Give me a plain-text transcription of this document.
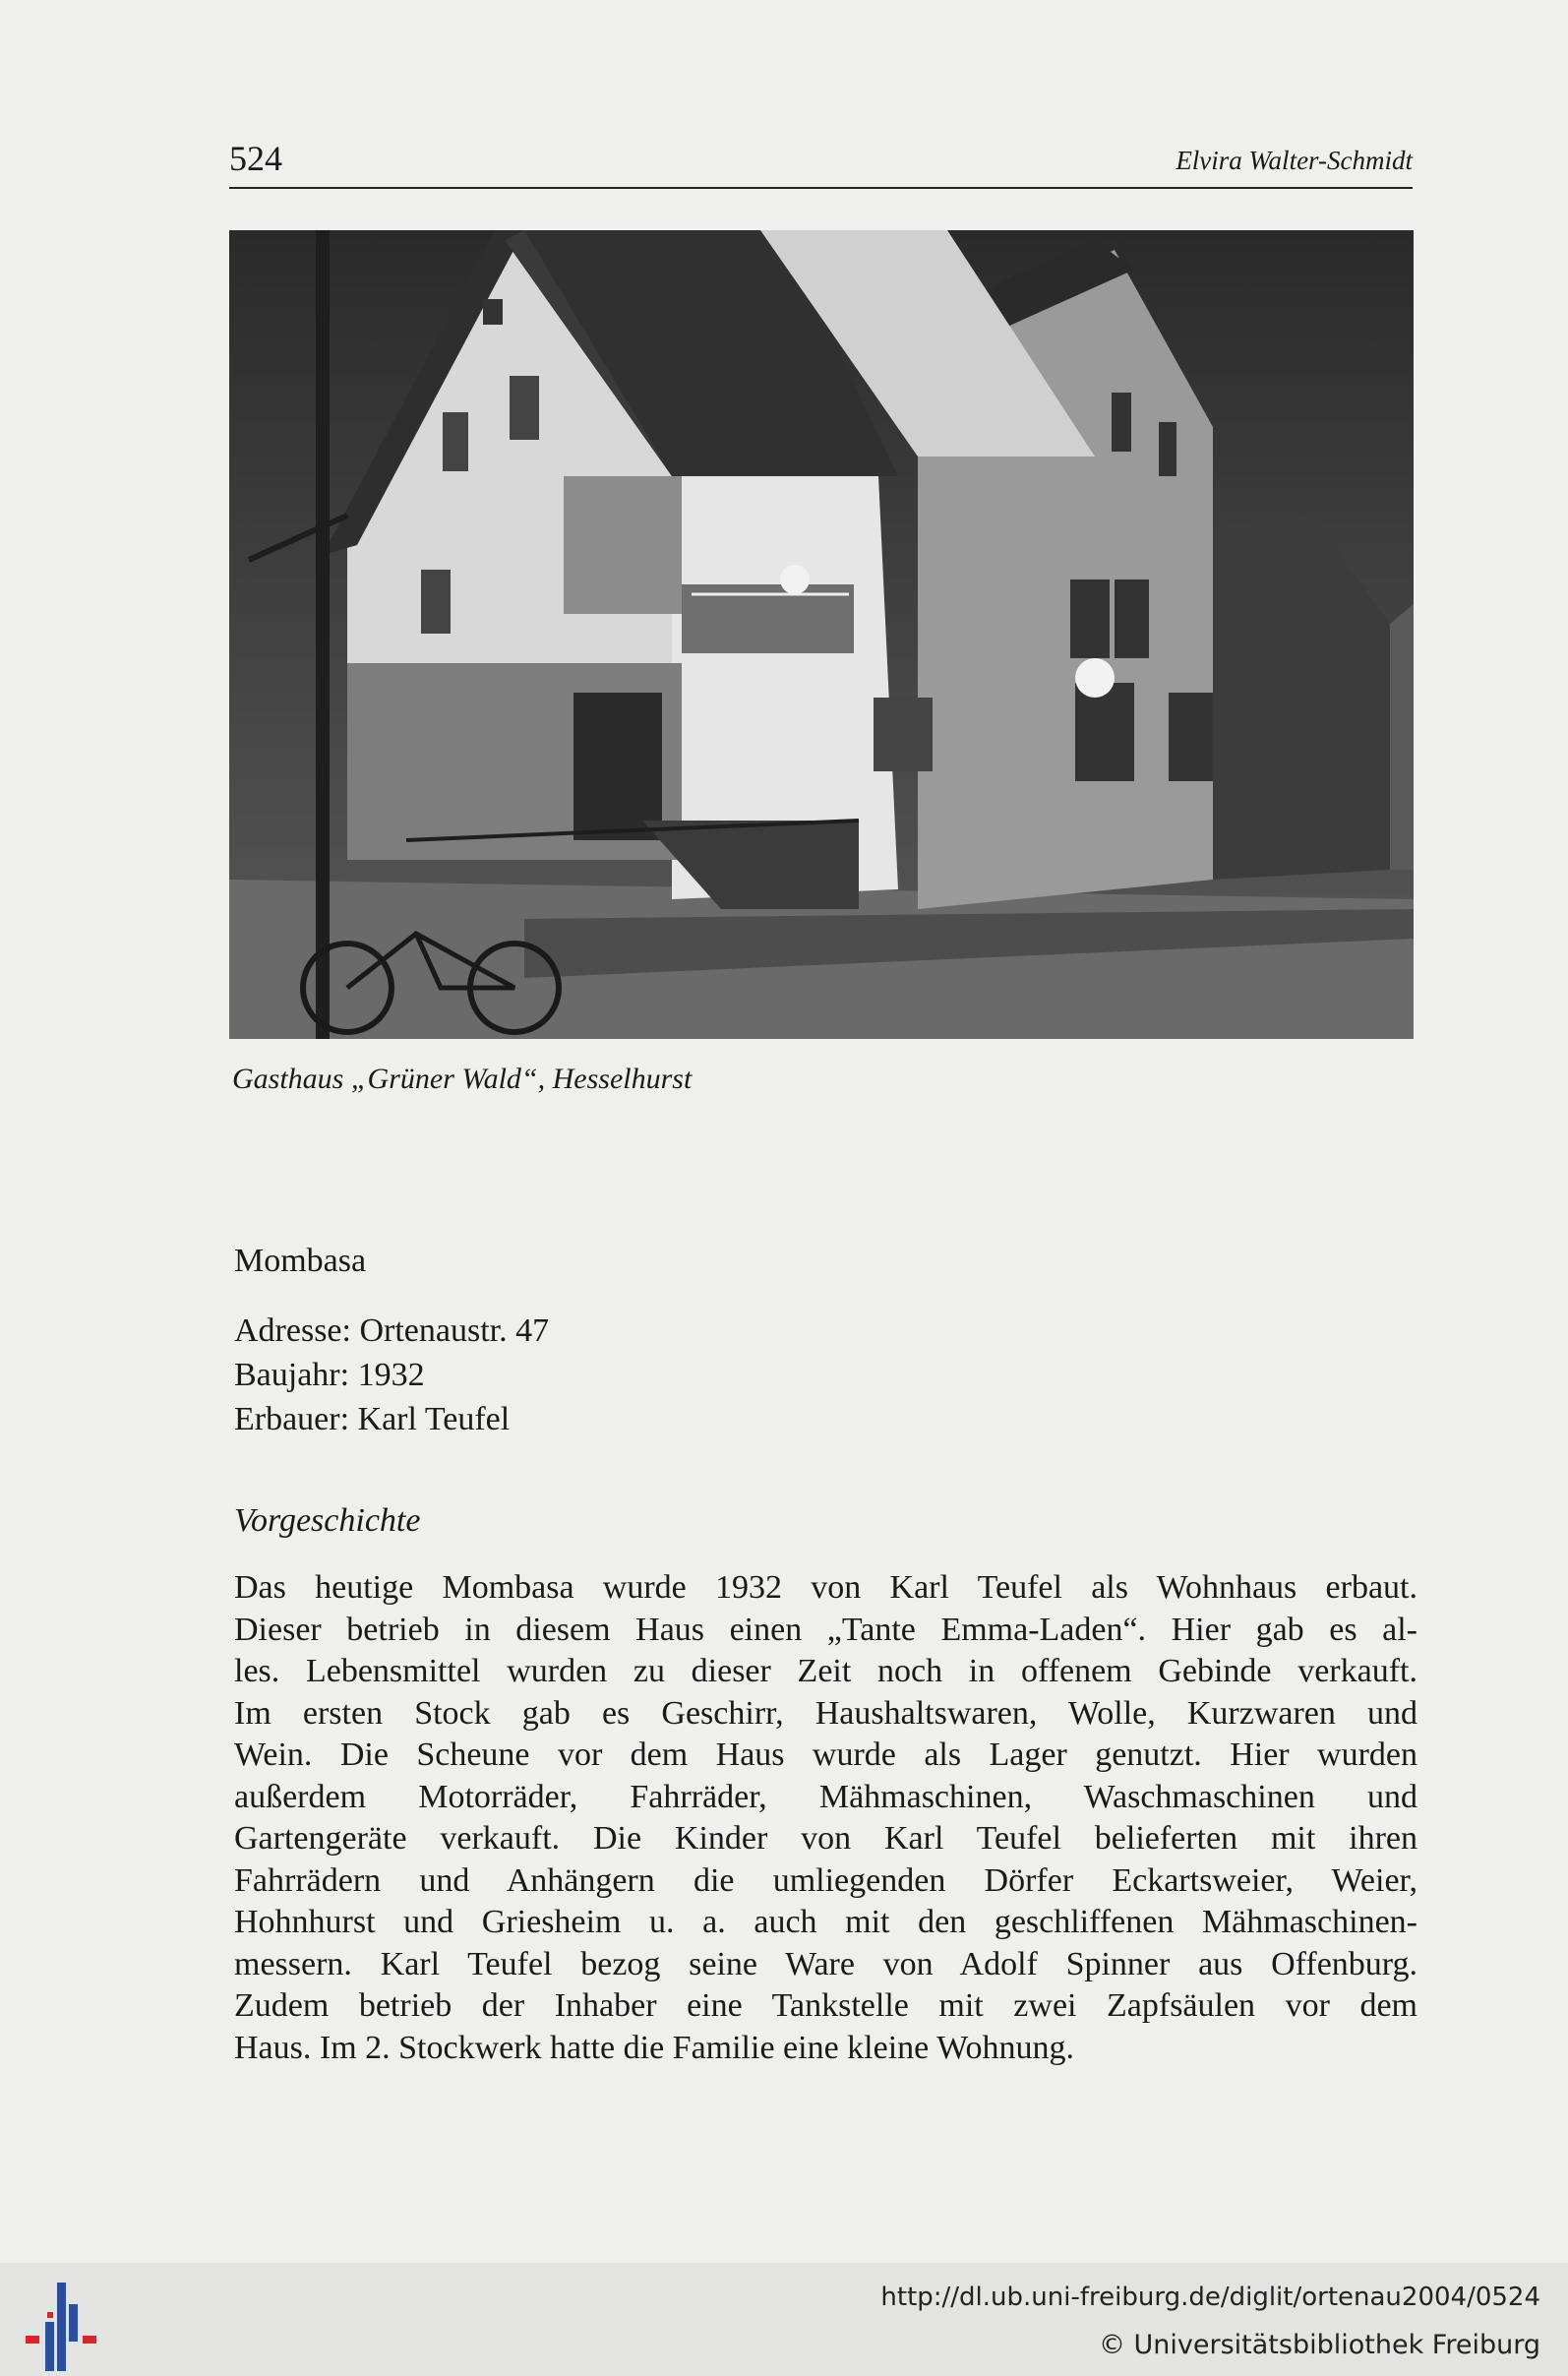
524	Elvira Walter-Schmidt
Gasthaus „Grüner Wald“, Hesselhurst
Mombasa
Adresse: Ortenaustr. 47
Baujahr: 1932
Erbauer: Karl Teufel
Vorgeschichte
Das heutige Mombasa wurde 1932 von Karl Teufel als Wohnhaus erbaut.
Dieser betrieb in diesem Haus einen „Tante Emma-Laden“. Hier gab es al-
les. Lebensmittel wurden zu dieser Zeit noch in offenem Gebinde verkauft.
Im ersten Stock gab es Geschirr, Haushaltswaren, Wolle, Kurzwaren und
Wein. Die Scheune vor dem Haus wurde als Lager genutzt. Hier wurden
außerdem Motorräder, Fahrräder, Mähmaschinen, Waschmaschinen und
Gartengeräte verkauft. Die Kinder von Karl Teufel belieferten mit ihren
Fahrrädern und Anhängern die umliegenden Dörfer Eckartsweier, Weier,
Hohnhurst und Griesheim u. a. auch mit den geschliffenen Mähmaschinen-
messern. Karl Teufel bezog seine Ware von Adolf Spinner aus Offenburg.
Zudem betrieb der Inhaber eine Tankstelle mit zwei Zapfsäulen vor dem
Haus. Im 2. Stockwerk hatte die Familie eine kleine Wohnung.
http://dl.ub.uni-freiburg.de/diglit/ortenau2004/0524
© Universitätsbibliothek Freiburg
